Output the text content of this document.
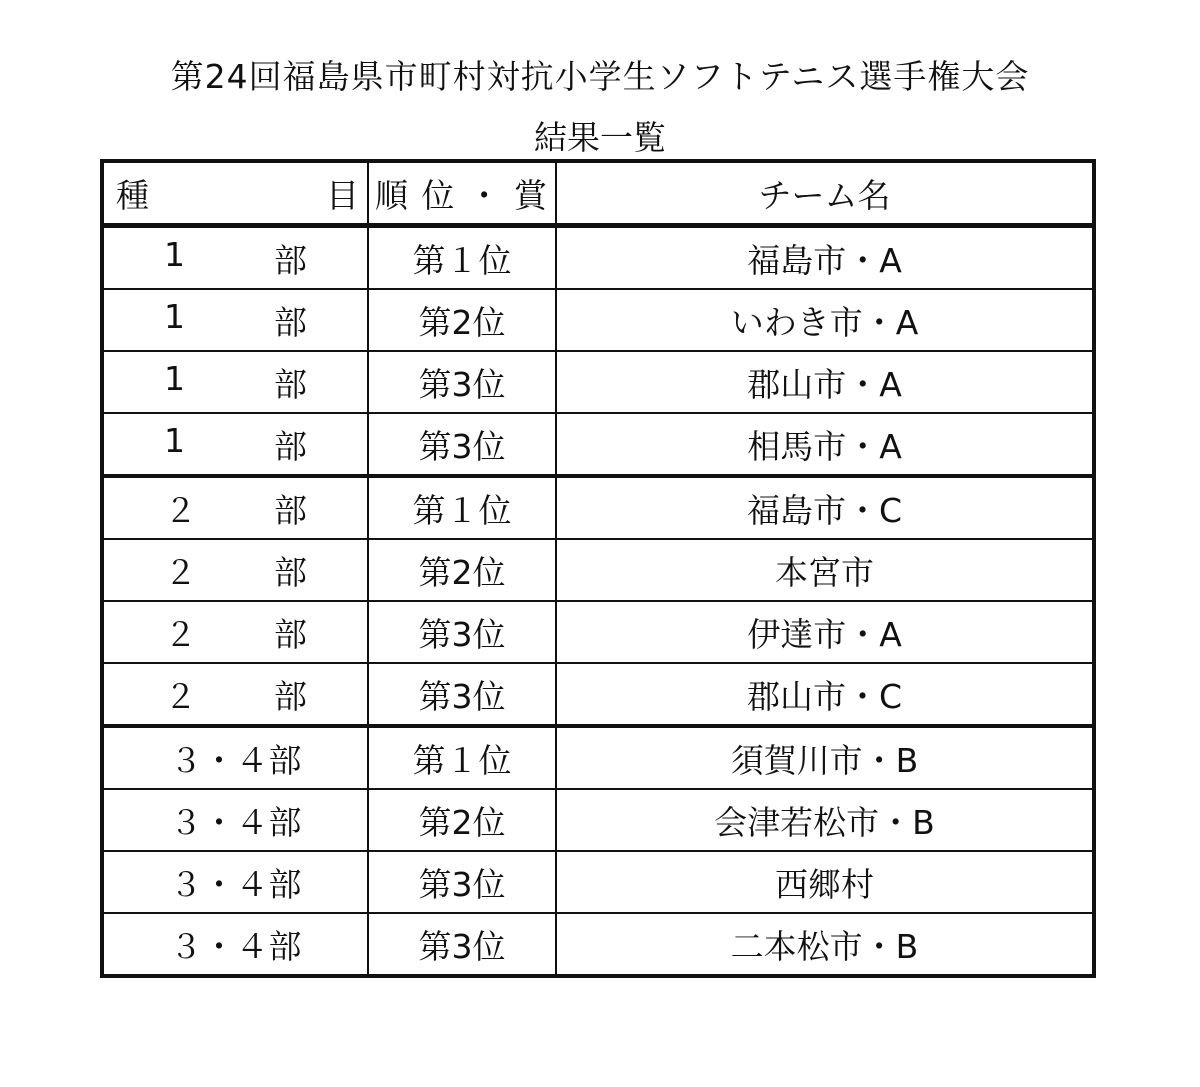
第24回福島県市町村対抗小学生ソフトテニス選手権大会
結果一覧
種 目	順 位 ・ 賞	チーム名

1 部	第１位	福島市・A

1 部	第2位	いわき市・A

1 部	第3位	郡山市・A

1 部	第3位	相馬市・A

２ 部	第１位	福島市・C

２ 部	第2位	本宮市

２ 部	第3位	伊達市・A

２ 部	第3位	郡山市・C

３・４ 部	第１位	須賀川市・B

３・４ 部	第2位	会津若松市・B

３・４ 部	第3位	西郷村

３・４ 部	第3位	二本松市・B
